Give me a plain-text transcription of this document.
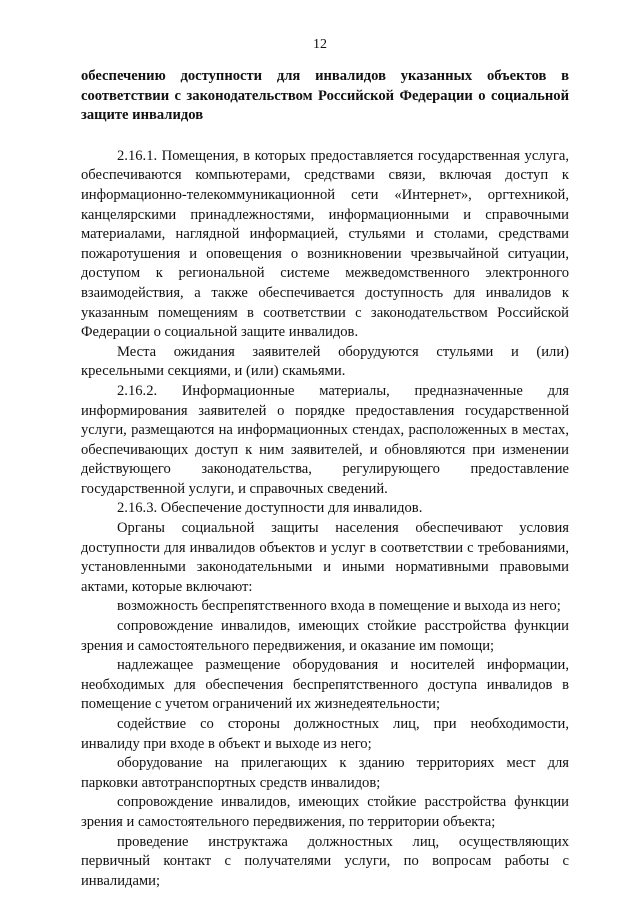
12

обеспечению доступности для инвалидов указанных объектов в соответствии с законодательством Российской Федерации о социальной защите инвалидов

2.16.1. Помещения, в которых предоставляется государственная услуга, обеспечиваются компьютерами, средствами связи, включая доступ к информационно-телекоммуникационной сети «Интернет», оргтехникой, канцелярскими принадлежностями, информационными и справочными материалами, наглядной информацией, стульями и столами, средствами пожаротушения и оповещения о возникновении чрезвычайной ситуации, доступом к региональной системе межведомственного электронного взаимодействия, а также обеспечивается доступность для инвалидов к указанным помещениям в соответствии с законодательством Российской Федерации о социальной защите инвалидов.

Места ожидания заявителей оборудуются стульями и (или) кресельными секциями, и (или) скамьями.

2.16.2. Информационные материалы, предназначенные для информирования заявителей о порядке предоставления государственной услуги, размещаются на информационных стендах, расположенных в местах, обеспечивающих доступ к ним заявителей, и обновляются при изменении действующего законодательства, регулирующего предоставление государственной услуги, и справочных сведений.

2.16.3. Обеспечение доступности для инвалидов.

Органы социальной защиты населения обеспечивают условия доступности для инвалидов объектов и услуг в соответствии с требованиями, установленными законодательными и иными нормативными правовыми актами, которые включают:

возможность беспрепятственного входа в помещение и выхода из него;

сопровождение инвалидов, имеющих стойкие расстройства функции зрения и самостоятельного передвижения, и оказание им помощи;

надлежащее размещение оборудования и носителей информации, необходимых для обеспечения беспрепятственного доступа инвалидов в помещение с учетом ограничений их жизнедеятельности;

содействие со стороны должностных лиц, при необходимости, инвалиду при входе в объект и выходе из него;

оборудование на прилегающих к зданию территориях мест для парковки автотранспортных средств инвалидов;

сопровождение инвалидов, имеющих стойкие расстройства функции зрения и самостоятельного передвижения, по территории объекта;

проведение инструктажа должностных лиц, осуществляющих первичный контакт с получателями услуги, по вопросам работы с инвалидами;
